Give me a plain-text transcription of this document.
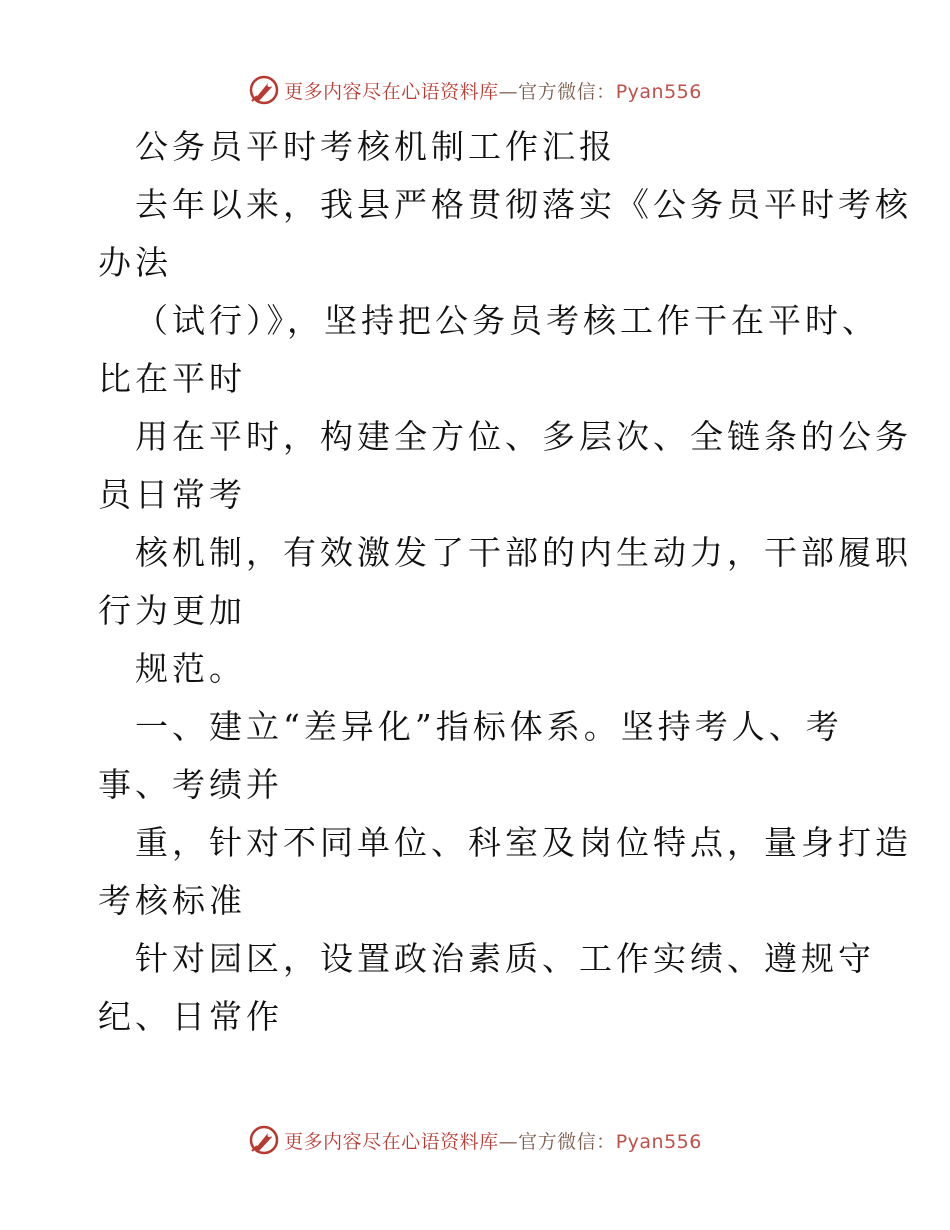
更多内容尽在心语资料库—官方微信：Pyan556
公务员平时考核机制工作汇报
去年以来，我县严格贯彻落实《公务员平时考核
办法
（试行）》，坚持把公务员考核工作干在平时、
比在平时
用在平时，构建全方位、多层次、全链条的公务
员日常考
核机制，有效激发了干部的内生动力，干部履职
行为更加
规范。
一、建立“差异化”指标体系。坚持考人、考
事、考绩并
重，针对不同单位、科室及岗位特点，量身打造
考核标准
针对园区，设置政治素质、工作实绩、遵规守
纪、日常作
更多内容尽在心语资料库—官方微信：Pyan556
